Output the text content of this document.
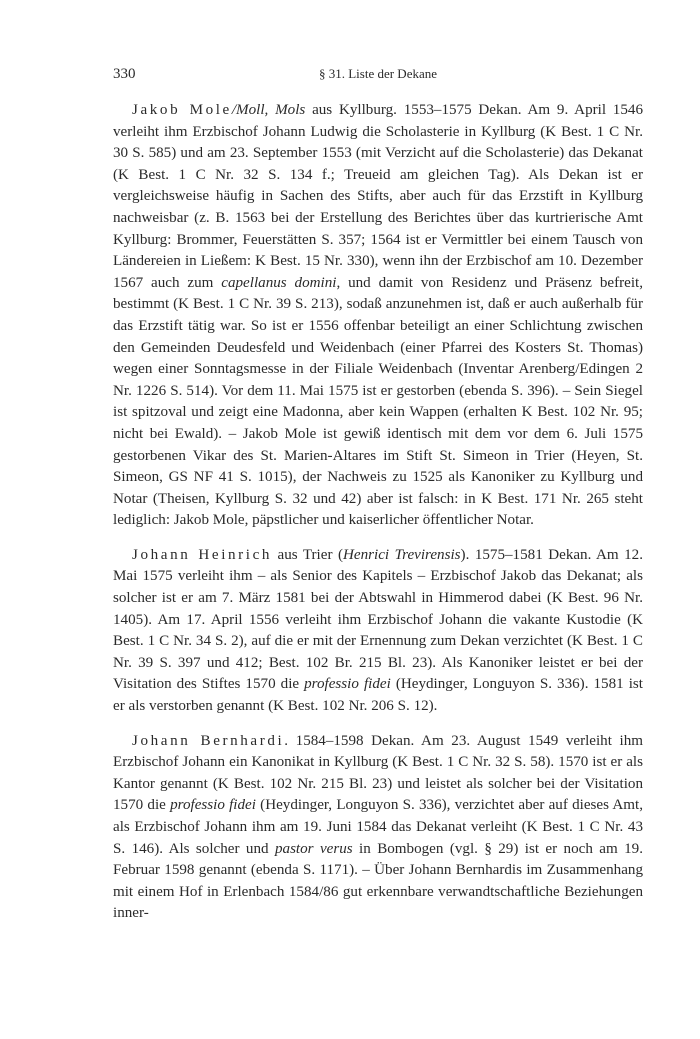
330	§ 31. Liste der Dekane

Jakob Mole/Moll, Mols aus Kyllburg. 1553–1575 Dekan. Am 9. April 1546 verleiht ihm Erzbischof Johann Ludwig die Scholasterie in Kyllburg (K Best. 1 C Nr. 30 S. 585) und am 23. September 1553 (mit Verzicht auf die Scholasterie) das Dekanat (K Best. 1 C Nr. 32 S. 134 f.; Treueid am gleichen Tag). Als Dekan ist er vergleichsweise häufig in Sachen des Stifts, aber auch für das Erzstift in Kyllburg nachweisbar (z. B. 1563 bei der Erstellung des Berichtes über das kurtrierische Amt Kyllburg: Brommer, Feuerstätten S. 357; 1564 ist er Vermittler bei einem Tausch von Ländereien in Ließem: K Best. 15 Nr. 330), wenn ihn der Erzbischof am 10. Dezember 1567 auch zum capellanus domini, und damit von Residenz und Präsenz befreit, bestimmt (K Best. 1 C Nr. 39 S. 213), sodaß anzunehmen ist, daß er auch außerhalb für das Erzstift tätig war. So ist er 1556 offenbar beteiligt an einer Schlichtung zwischen den Gemeinden Deudesfeld und Weidenbach (einer Pfarrei des Kosters St. Thomas) wegen einer Sonntagsmesse in der Filiale Weidenbach (Inventar Arenberg/Edingen 2 Nr. 1226 S. 514). Vor dem 11. Mai 1575 ist er gestorben (ebenda S. 396). – Sein Siegel ist spitzoval und zeigt eine Madonna, aber kein Wappen (erhalten K Best. 102 Nr. 95; nicht bei Ewald). – Jakob Mole ist gewiß identisch mit dem vor dem 6. Juli 1575 gestorbenen Vikar des St. Marien-Altares im Stift St. Simeon in Trier (Heyen, St. Simeon, GS NF 41 S. 1015), der Nachweis zu 1525 als Kanoniker zu Kyllburg und Notar (Theisen, Kyllburg S. 32 und 42) aber ist falsch: in K Best. 171 Nr. 265 steht lediglich: Jakob Mole, päpstlicher und kaiserlicher öffentlicher Notar.

Johann Heinrich aus Trier (Henrici Trevirensis). 1575–1581 Dekan. Am 12. Mai 1575 verleiht ihm – als Senior des Kapitels – Erzbischof Jakob das Dekanat; als solcher ist er am 7. März 1581 bei der Abtswahl in Himmerod dabei (K Best. 96 Nr. 1405). Am 17. April 1556 verleiht ihm Erzbischof Johann die vakante Kustodie (K Best. 1 C Nr. 34 S. 2), auf die er mit der Ernennung zum Dekan verzichtet (K Best. 1 C Nr. 39 S. 397 und 412; Best. 102 Br. 215 Bl. 23). Als Kanoniker leistet er bei der Visitation des Stiftes 1570 die professio fidei (Heydinger, Longuyon S. 336). 1581 ist er als verstorben genannt (K Best. 102 Nr. 206 S. 12).

Johann Bernhardi. 1584–1598 Dekan. Am 23. August 1549 verleiht ihm Erzbischof Johann ein Kanonikat in Kyllburg (K Best. 1 C Nr. 32 S. 58). 1570 ist er als Kantor genannt (K Best. 102 Nr. 215 Bl. 23) und leistet als solcher bei der Visitation 1570 die professio fidei (Heydinger, Longuyon S. 336), verzichtet aber auf dieses Amt, als Erzbischof Johann ihm am 19. Juni 1584 das Dekanat verleiht (K Best. 1 C Nr. 43 S. 146). Als solcher und pastor verus in Bombogen (vgl. § 29) ist er noch am 19. Februar 1598 genannt (ebenda S. 1171). – Über Johann Bernhardis im Zusammenhang mit einem Hof in Erlenbach 1584/86 gut erkennbare verwandtschaftliche Beziehungen inner-
